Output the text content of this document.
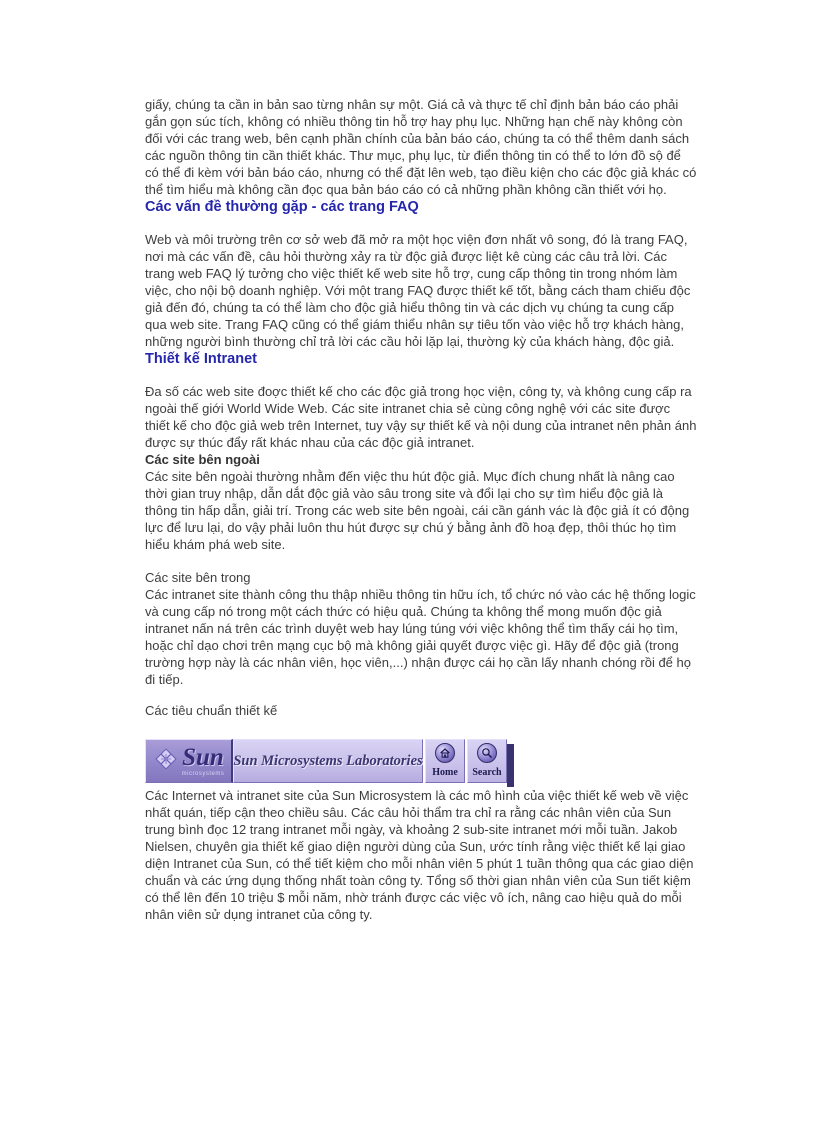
giấy, chúng ta cần in bản sao từng nhân sự một. Giá cả và thực tế chỉ định bản báo cáo phải gắn gọn súc tích, không có nhiều thông tin hỗ trợ hay phụ lục. Những hạn chế này không còn đối với các trang web, bên cạnh phần chính của bản báo cáo, chúng ta có thể thêm danh sách các nguồn thông tin cần thiết khác. Thư mục, phụ lục, từ điển thông tin có thể to lớn đồ sộ để có thể đi kèm với bản báo cáo, nhưng có thể đặt lên web, tạo điều kiện cho các độc giả khác có thể tìm hiểu mà không cần đọc qua bản báo cáo có cả những phần không cần thiết với họ.

Các vấn đề thường gặp - các trang FAQ

Web và môi trường trên cơ sở web đã mở ra một học viện đơn nhất vô song, đó là trang FAQ, nơi mà các vấn đề, câu hỏi thường xảy ra từ độc giả được liệt kê cùng các câu trả lời. Các trang web FAQ lý tưởng cho việc thiết kế web site hỗ trợ, cung cấp thông tin trong nhóm làm việc, cho nội bộ doanh nghiệp. Với một trang FAQ được thiết kế tốt, bằng cách tham chiếu độc giả đến đó, chúng ta có thể làm cho độc giả hiểu thông tin và các dịch vụ chúng ta cung cấp qua web site. Trang FAQ cũng có thể giám thiểu nhân sự tiêu tốn vào việc hỗ trợ khách hàng, những người bình thường chỉ trả lời các cầu hỏi lặp lại, thường kỳ của khách hàng, độc giả.

Thiết kế Intranet

Đa số các web site đoợc thiết kế cho các độc giả trong học viện, công ty, và không cung cấp ra ngoài thế giới World Wide Web. Các site intranet chia sẻ cùng công nghệ với các site được thiết kế cho độc giả web trên Internet, tuy vậy sự thiết kế và nội dung của intranet nên phản ánh được sự thúc đẩy rất khác nhau của các độc giả intranet.

Các site bên ngoài

Các site bên ngoài thường nhằm đến việc thu hút độc giả. Mục đích chung nhất là nâng cao thời gian truy nhập, dẫn dắt độc giả vào sâu trong site và đổi lại cho sự tìm hiểu độc giả là thông tin hấp dẫn, giải trí. Trong các web site bên ngoài, cái cần gánh vác là độc giả ít có động lực để lưu lại, do vậy phải luôn thu hút được sự chú ý bằng ảnh đồ hoạ đẹp, thôi thúc họ tìm hiểu khám phá web site.

Các site bên trong

Các intranet site thành công thu thập nhiều thông tin hữu ích, tổ chức nó vào các hệ thống logic và cung cấp nó trong một cách thức có hiệu quả. Chúng ta không thể mong muốn độc giả intranet nấn ná trên các trình duyệt web hay lúng túng với việc không thể tìm thấy cái họ tìm, hoặc chỉ dạo chơi trên mạng cục bộ mà không giải quyết được việc gì. Hãy để độc giả (trong trường hợp này là các nhân viên, học viên,...) nhận được cái họ cần lấy nhanh chóng rồi để họ đi tiếp.

Các tiêu chuẩn thiết kế
Sun
microsystems
Sun Microsystems Laboratories
Home Search

Các Internet và intranet site của Sun Microsystem là các mô hình của việc thiết kế web về việc nhất quán, tiếp cận theo chiều sâu. Các câu hỏi thẩm tra chỉ ra rằng các nhân viên của Sun trung bình đọc 12 trang intranet mỗi ngày, và khoảng 2 sub-site intranet mới mỗi tuần. Jakob Nielsen, chuyên gia thiết kế giao diện người dùng của Sun, ước tính rằng việc thiết kế lại giao diện Intranet của Sun, có thể tiết kiệm cho mỗi nhân viên 5 phút 1 tuần thông qua các giao diện chuẩn và các ứng dụng thống nhất toàn công ty. Tổng số thời gian nhân viên của Sun tiết kiệm có thể lên đến 10 triệu $ mỗi năm, nhờ tránh được các việc vô ích, nâng cao hiệu quả do mỗi nhân viên sử dụng intranet của công ty.
